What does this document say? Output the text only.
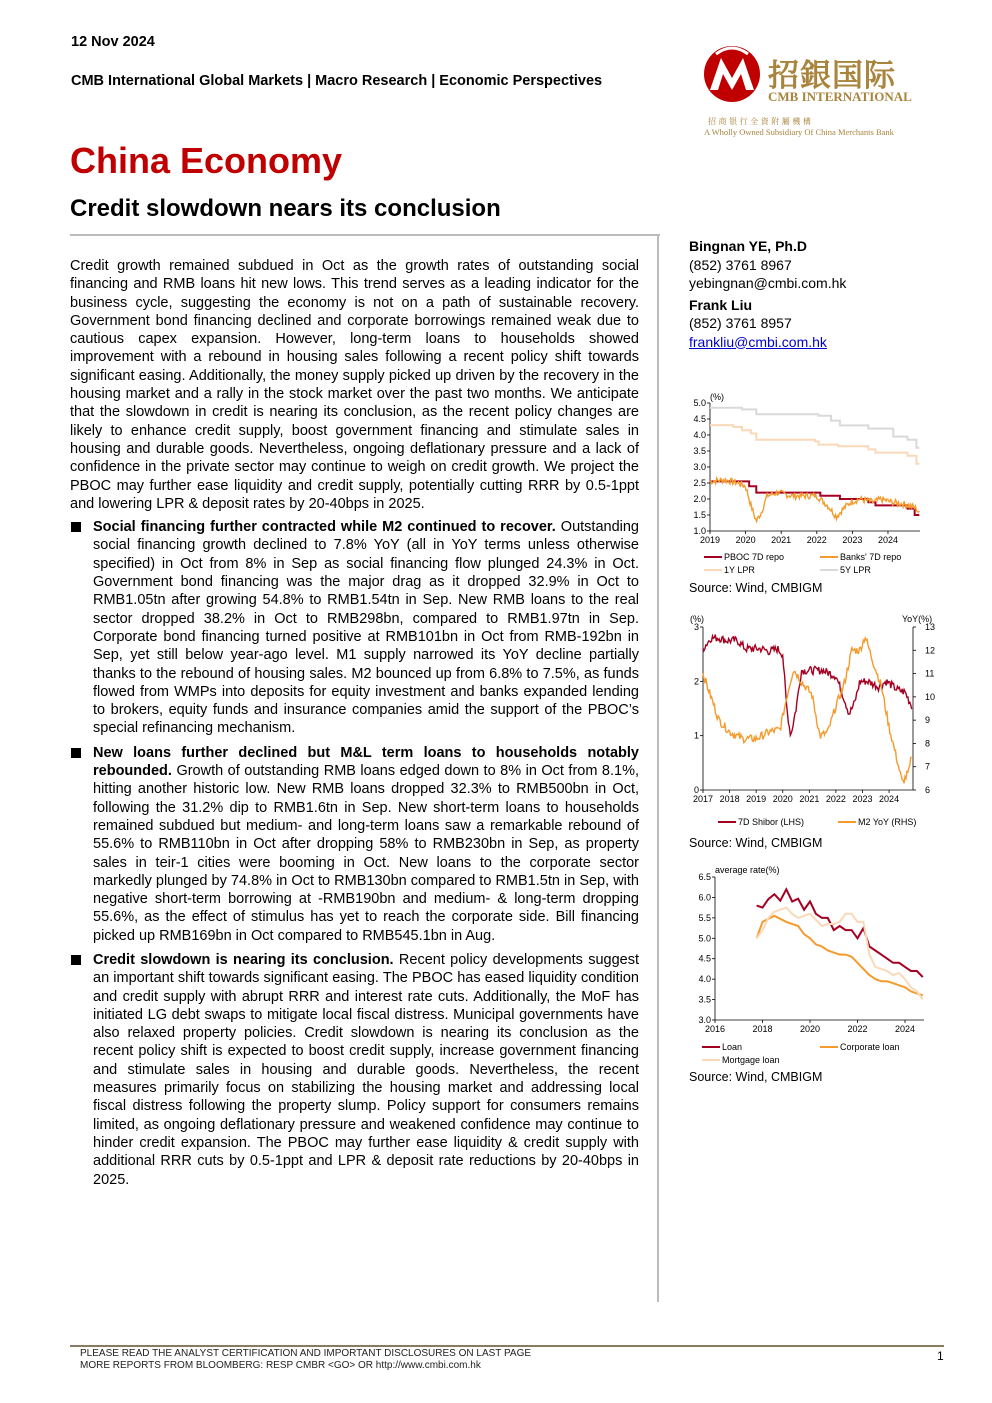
12 Nov 2024
CMB International Global Markets | Macro Research | Economic Perspectives
China Economy
Credit slowdown nears its conclusion
招銀国际
CMB INTERNATIONAL
招 商 银 行 全 資 附 屬 機 構
A Wholly Owned Subsidiary Of China Merchants Bank

Credit growth remained subdued in Oct as the growth rates of outstanding social financing and RMB loans hit new lows. This trend serves as a leading indicator for the business cycle, suggesting the economy is not on a path of sustainable recovery. Government bond financing declined and corporate borrowings remained weak due to cautious capex expansion. However, long-term loans to households showed improvement with a rebound in housing sales following a recent policy shift towards significant easing. Additionally, the money supply picked up driven by the recovery in the housing market and a rally in the stock market over the past two months. We anticipate that the slowdown in credit is nearing its conclusion, as the recent policy changes are likely to enhance credit supply, boost government financing and stimulate sales in housing and durable goods. Nevertheless, ongoing deflationary pressure and a lack of confidence in the private sector may continue to weigh on credit growth. We project the PBOC may further ease liquidity and credit supply, potentially cutting RRR by 0.5-1ppt and lowering LPR & deposit rates by 20-40bps in 2025.

Social financing further contracted while M2 continued to recover. Outstanding social financing growth declined to 7.8% YoY (all in YoY terms unless otherwise specified) in Oct from 8% in Sep as social financing flow plunged 24.3% in Oct. Government bond financing was the major drag as it dropped 32.9% in Oct to RMB1.05tn after growing 54.8% to RMB1.54tn in Sep. New RMB loans to the real sector dropped 38.2% in Oct to RMB298bn, compared to RMB1.97tn in Sep. Corporate bond financing turned positive at RMB101bn in Oct from RMB-192bn in Sep, yet still below year-ago level. M1 supply narrowed its YoY decline partially thanks to the rebound of housing sales. M2 bounced up from 6.8% to 7.5%, as funds flowed from WMPs into deposits for equity investment and banks expanded lending to brokers, equity funds and insurance companies amid the support of the PBOC’s special refinancing mechanism.
New loans further declined but M&L term loans to households notably rebounded. Growth of outstanding RMB loans edged down to 8% in Oct from 8.1%, hitting another historic low. New RMB loans dropped 32.3% to RMB500bn in Oct, following the 31.2% dip to RMB1.6tn in Sep. New short-term loans to households remained subdued but medium- and long-term loans saw a remarkable rebound of 55.6% to RMB110bn in Oct after dropping 58% to RMB230bn in Sep, as property sales in teir-1 cities were booming in Oct. New loans to the corporate sector markedly plunged by 74.8% in Oct to RMB130bn compared to RMB1.5tn in Sep, with negative short-term borrowing at -RMB190bn and medium- & long-term dropping 55.6%, as the effect of stimulus has yet to reach the corporate side. Bill financing picked up RMB169bn in Oct compared to RMB545.1bn in Aug.
Credit slowdown is nearing its conclusion. Recent policy developments suggest an important shift towards significant easing. The PBOC has eased liquidity condition and credit supply with abrupt RRR and interest rate cuts. Additionally, the MoF has initiated LG debt swaps to mitigate local fiscal distress. Municipal governments have also relaxed property policies. Credit slowdown is nearing its conclusion as the recent policy shift is expected to boost credit supply, increase government financing and stimulate sales in housing and durable goods. Nevertheless, the recent measures primarily focus on stabilizing the housing market and addressing local fiscal distress following the property slump. Policy support for consumers remains limited, as ongoing deflationary pressure and weakened confidence may continue to hinder credit expansion. The PBOC may further ease liquidity & credit supply with additional RRR cuts by 0.5-1ppt and LPR & deposit rate reductions by 20-40bps in 2025.
Bingnan YE, Ph.D
(852) 3761 8967
yebingnan@cmbi.com.hk
Frank Liu
(852) 3761 8957
frankliu@cmbi.com.hk
5.0
4.5
4.0
3.5
3.0
2.5
2.0
1.5
1.0
2019 2020 2021 2022 2023 2024
(%)
PBOC 7D repo	Banks' 7D repo
1Y LPR	5Y LPR
Source: Wind, CMBIGM
3
2
1
0
13
12
11
10
9
8
7
6
2017 2018 2019 2020 2021 2022 2023 2024
(%)	YoY(%)
7D Shibor (LHS)	M2 YoY (RHS)
Source: Wind, CMBIGM
6.5
6.0
5.5
5.0
4.5
4.0
3.5
3.0
2016	2018	2020	2022	2024
average rate(%)
Loan	Corporate loan
Mortgage loan
Source: Wind, CMBIGM
PLEASE READ THE ANALYST CERTIFICATION AND IMPORTANT DISCLOSURES ON LAST PAGE
MORE REPORTS FROM BLOOMBERG: RESP CMBR <GO> OR http://www.cmbi.com.hk
1
